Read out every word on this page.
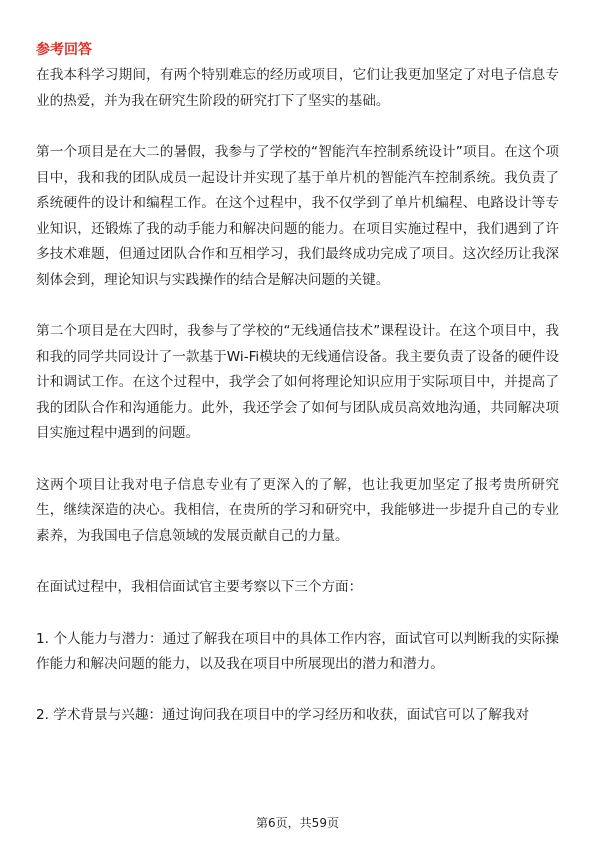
参考回答

在我本科学习期间，有两个特别难忘的经历或项目，它们让我更加坚定了对电子信息专业的热爱，并为我在研究生阶段的研究打下了坚实的基础。

第一个项目是在大二的暑假，我参与了学校的“智能汽车控制系统设计”项目。在这个项目中，我和我的团队成员一起设计并实现了基于单片机的智能汽车控制系统。我负责了系统硬件的设计和编程工作。在这个过程中，我不仅学到了单片机编程、电路设计等专业知识，还锻炼了我的动手能力和解决问题的能力。在项目实施过程中，我们遇到了许多技术难题，但通过团队合作和互相学习，我们最终成功完成了项目。这次经历让我深刻体会到，理论知识与实践操作的结合是解决问题的关键。

第二个项目是在大四时，我参与了学校的“无线通信技术”课程设计。在这个项目中，我和我的同学共同设计了一款基于Wi-Fi模块的无线通信设备。我主要负责了设备的硬件设计和调试工作。在这个过程中，我学会了如何将理论知识应用于实际项目中，并提高了我的团队合作和沟通能力。此外，我还学会了如何与团队成员高效地沟通，共同解决项目实施过程中遇到的问题。

这两个项目让我对电子信息专业有了更深入的了解，也让我更加坚定了报考贵所研究生，继续深造的决心。我相信，在贵所的学习和研究中，我能够进一步提升自己的专业素养，为我国电子信息领域的发展贡献自己的力量。

在面试过程中，我相信面试官主要考察以下三个方面：

1. 个人能力与潜力：通过了解我在项目中的具体工作内容，面试官可以判断我的实际操作能力和解决问题的能力，以及我在项目中所展现出的潜力和潜力。

2. 学术背景与兴趣：通过询问我在项目中的学习经历和收获，面试官可以了解我对

第6页，共59页
